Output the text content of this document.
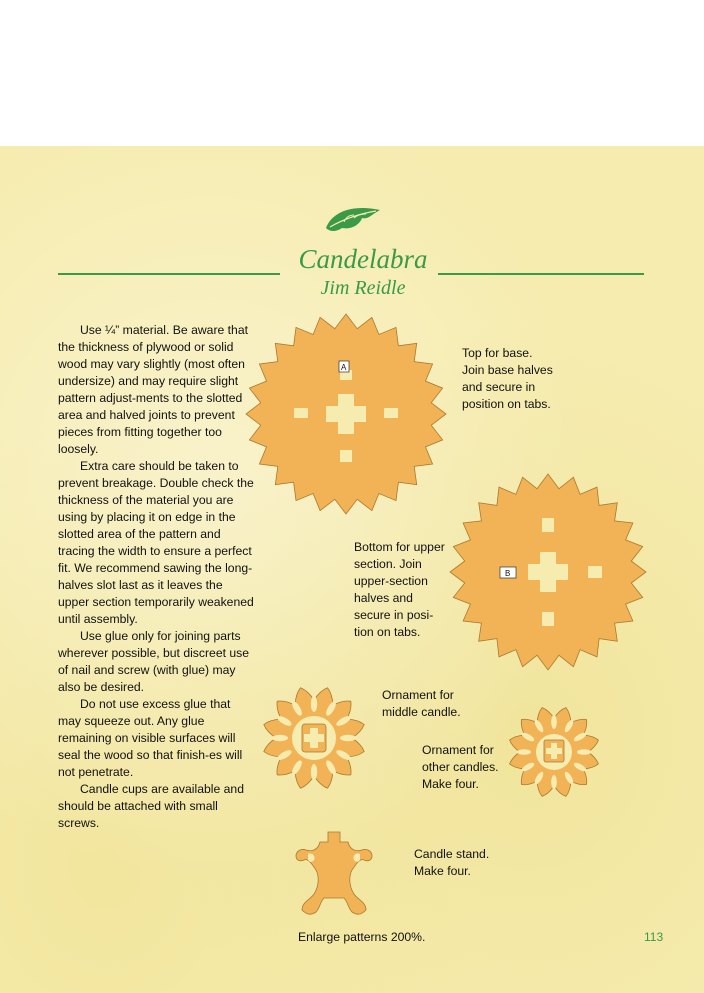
Candelabra
Jim Reidle

Use ¼” material. Be aware that the thickness of plywood or solid wood may vary slightly (most often undersize) and may require slight pattern adjust-ments to the slotted area and halved joints to prevent pieces from fitting together too loosely.

Extra care should be taken to prevent breakage. Double check the thickness of the material you are using by placing it on edge in the slotted area of the pattern and tracing the width to ensure a perfect fit. We recommend sawing the long-halves slot last as it leaves the upper section temporarily weakened until assembly.

Use glue only for joining parts wherever possible, but discreet use of nail and screw (with glue) may also be desired.

Do not use excess glue that may squeeze out. Any glue remaining on visible surfaces will seal the wood so that finish-es will not penetrate.

Candle cups are available and should be attached with small screws.

A
Top for base.
Join base halves
and secure in
position on tabs.
B
Bottom for upper
section. Join
upper-section
halves and
secure in posi-
tion on tabs.
Ornament for
middle candle.
Ornament for
other candles.
Make four.
Candle stand.
Make four.
Enlarge patterns 200%.	113
